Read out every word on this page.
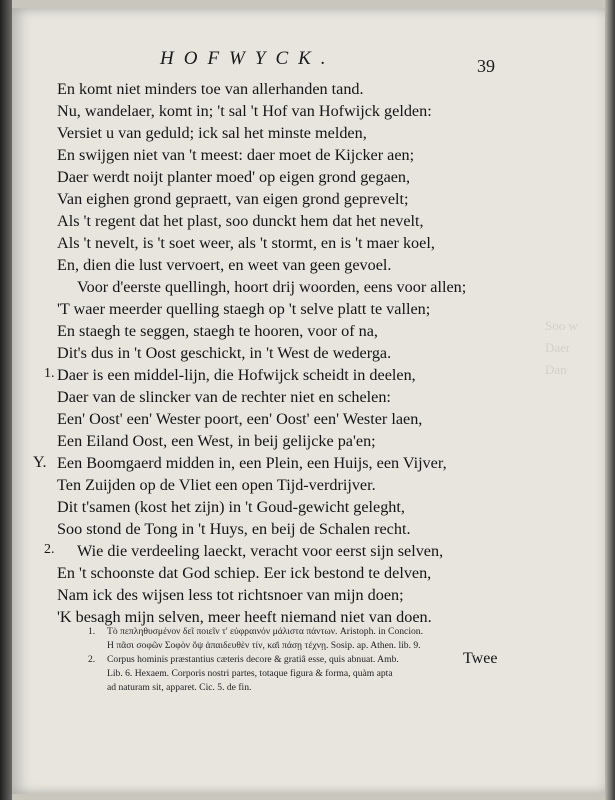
Soo w
Daer
Dan
HOFWYCK.	39
En komt niet minders toe van allerhanden tand.
Nu, wandelaer, komt in; 't sal 't Hof van Hofwijck gelden:
Versiet u van geduld; ick sal het minste melden,
En swijgen niet van 't meest: daer moet de Kijcker aen;
Daer werdt noijt planter moed' op eigen grond gegaen,
Van eighen grond gepraett, van eigen grond geprevelt;
Als 't regent dat het plast, soo dunckt hem dat het nevelt,
Als 't nevelt, is 't soet weer, als 't stormt, en is 't maer koel,
En, dien die lust vervoert, en weet van geen gevoel.
Voor d'eerste quellingh, hoort drij woorden, eens voor allen;
'T waer meerder quelling staegh op 't selve platt te vallen;
En staegh te seggen, staegh te hooren, voor of na,
Dit's dus in 't Oost geschickt, in 't West de wederga.
Daer is een middel-lijn, die Hofwijck scheidt in deelen,
Daer van de slincker van de rechter niet en schelen:
Een' Oost' een' Wester poort, een' Oost' een' Wester laen,
Een Eiland Oost, een West, in beij gelijcke pa'en;
Een Boomgaerd midden in, een Plein, een Huijs, een Vijver,
Ten Zuijden op de Vliet een open Tijd-verdrijver.
Dit t'samen (kost het zijn) in 't Goud-gewicht geleght,
Soo stond de Tong in 't Huys, en beij de Schalen recht.
Wie die verdeeling laeckt, veracht voor eerst sijn selven,
En 't schoonste dat God schiep. Eer ick bestond te delven,
Nam ick des wijsen less tot richtsnoer van mijn doen;
'K besagh mijn selven, meer heeft niemand niet van doen.
1.
Y.
2.
1. Τὸ πεπληθυσμένον δεῖ ποιεῖν τ' εὐφραινόν μάλιστα πάντων. Aristoph. in Concion.
Η πᾶσι σοφῶν Σοφὸν ὄψ ἀπαιδευθὲν τίν, κα̈ὶ πάσῃ τέχνῃ. Sosip. ap. Athen. lib. 9.
2. Corpus hominis præstantius cæteris decore & gratiâ esse, quis abnuat. Amb.
Lib. 6. Hexaem. Corporis nostri partes, totaque figura & forma, quàm apta
ad naturam sit, apparet. Cic. 5. de fin.
Twee
